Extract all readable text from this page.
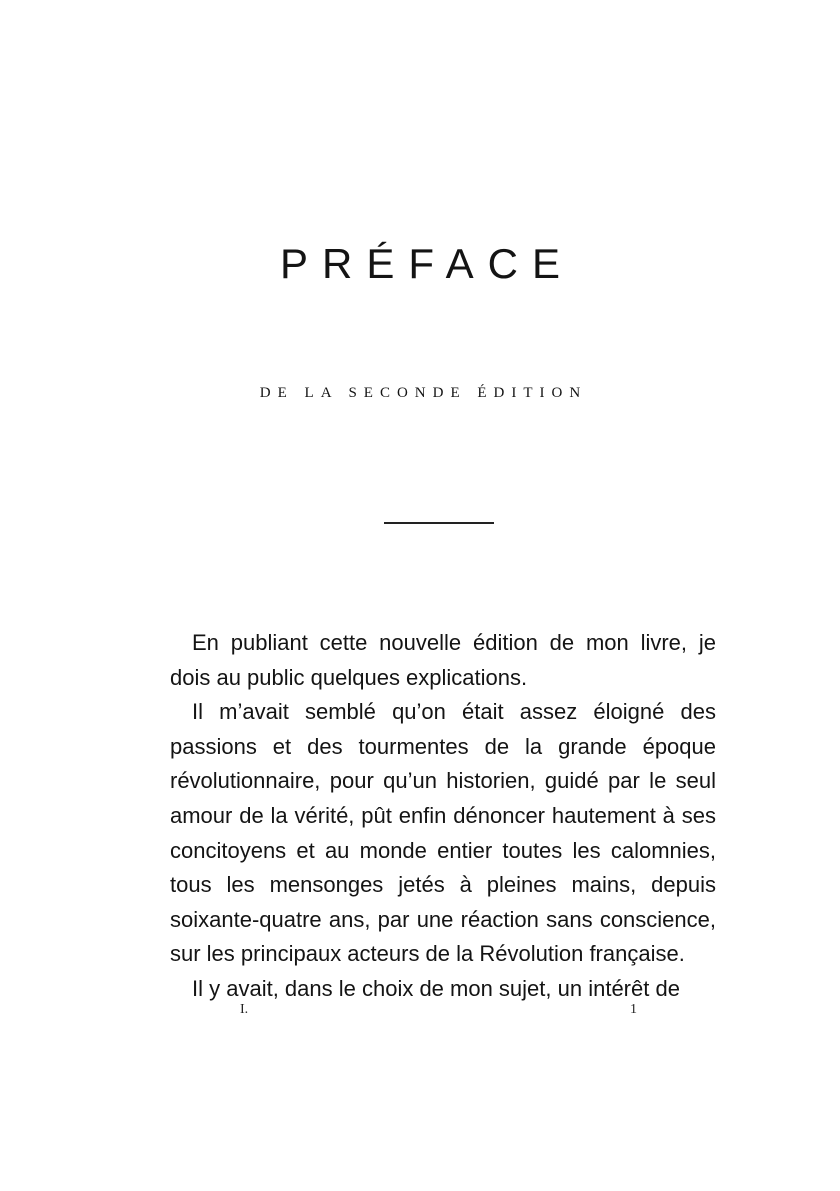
PRÉFACE
DE LA SECONDE ÉDITION

En publiant cette nouvelle édition de mon livre, je dois au public quelques explications.

Il m’avait semblé qu’on était assez éloigné des passions et des tourmentes de la grande époque révolutionnaire, pour qu’un historien, guidé par le seul amour de la vérité, pût enfin dénoncer hautement à ses concitoyens et au monde entier toutes les calomnies, tous les mensonges jetés à pleines mains, depuis soixante-quatre ans, par une réaction sans conscience, sur les principaux acteurs de la Révolution française.

Il y avait, dans le choix de mon sujet, un intérêt de

I.	1
